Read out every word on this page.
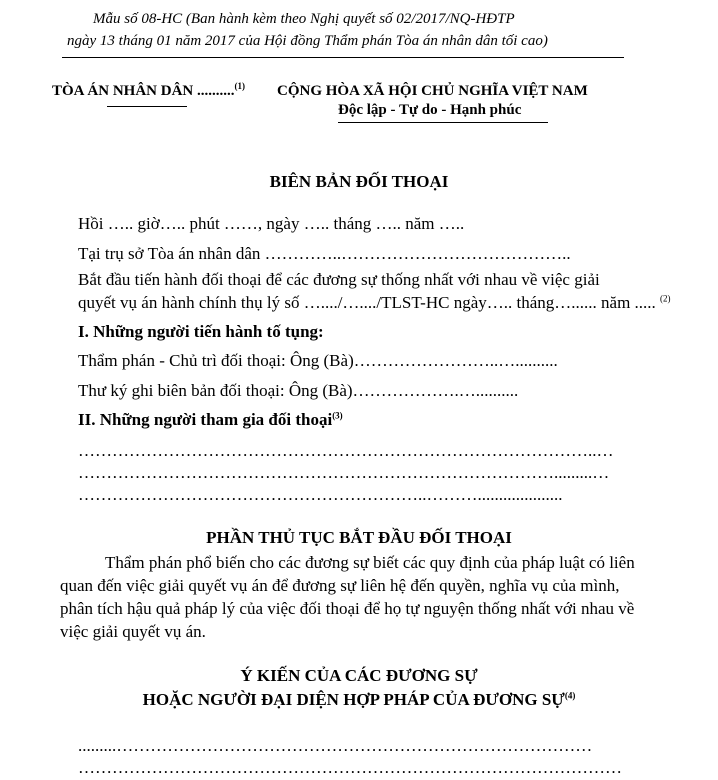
Mẫu số 08-HC (Ban hành kèm theo Nghị quyết số 02/2017/NQ-HĐTP
ngày 13 tháng 01 năm 2017 của Hội đồng Thẩm phán Tòa án nhân dân tối cao)
TÒA ÁN NHÂN DÂN ..........$^{(1)}$ CỘNG HÒA XÃ HỘI CHỦ NGHĨA VIỆT NAM
Độc lập - Tự do - Hạnh phúc
BIÊN BẢN ĐỐI THOẠI
Hồi ….. giờ….. phút ……, ngày ….. tháng ….. năm …..
Tại trụ sở Tòa án nhân dân …………..…………………………………..
Bắt đầu tiến hành đối thoại để các đương sự thống nhất với nhau về việc giải
quyết vụ án hành chính thụ lý số …..../…..../TLST-HC ngày….. tháng…...... năm ..... $^{(2)}$
I. Những người tiến hành tố tụng:
Thẩm phán - Chủ trì đối thoại: Ông (Bà)……………………..…..........
Thư ký ghi biên bản đối thoại: Ông (Bà)……………….…..........
II. Những người tham gia đối thoại$^{(3)}$
………………………………………………………………………………..…
………………………………………………………………………….........…
……………………………………………………..………....................
PHẦN THỦ TỤC BẮT ĐẦU ĐỐI THOẠI
Thẩm phán phổ biến cho các đương sự biết các quy định của pháp luật có liên
quan đến việc giải quyết vụ án để đương sự liên hệ đến quyền, nghĩa vụ của mình,
phân tích hậu quả pháp lý của việc đối thoại để họ tự nguyện thống nhất với nhau về
việc giải quyết vụ án.
Ý KIẾN CỦA CÁC ĐƯƠNG SỰ
HOẶC NGƯỜI ĐẠI DIỆN HỢP PHÁP CỦA ĐƯƠNG SỰ$^{(4)}$
.........…………………………………………………………………………
……………………………………………………………………………………
